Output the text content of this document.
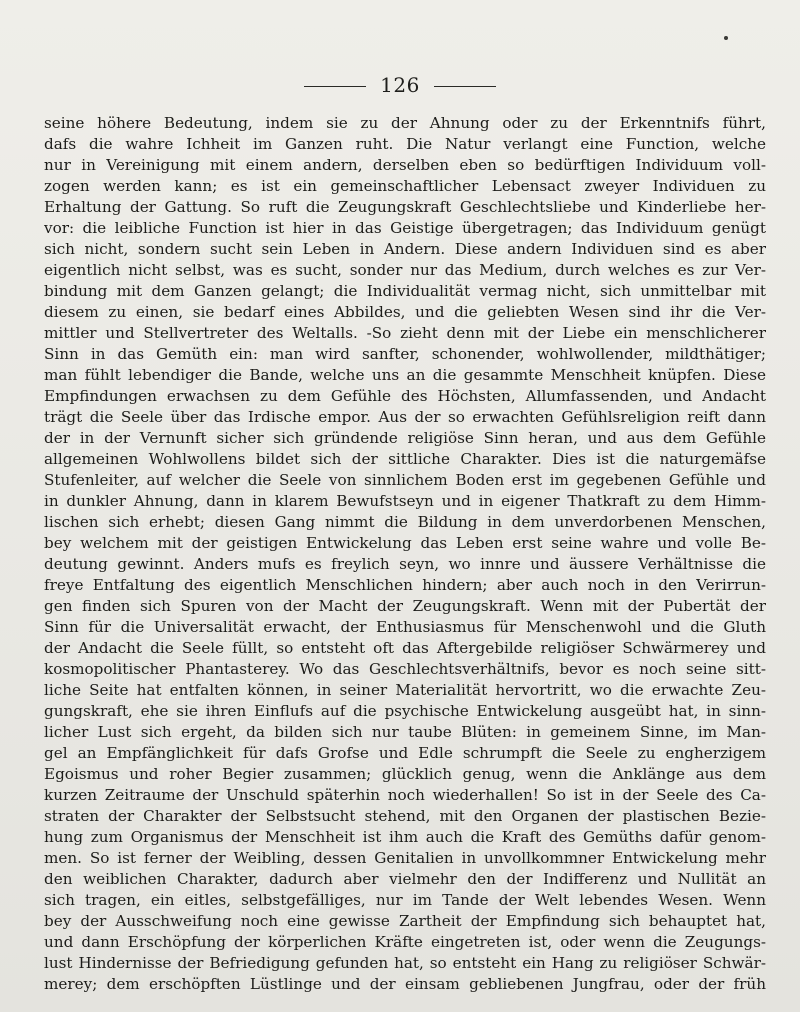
126
seine höhere Bedeutung, indem sie zu der Ahnung oder zu der Erkenntnifs führt,
dafs die wahre Ichheit im Ganzen ruht. Die Natur verlangt eine Function, welche
nur in Vereinigung mit einem andern, derselben eben so bedürftigen Individuum voll-
zogen werden kann; es ist ein gemeinschaftlicher Lebensact zweyer Individuen zu
Erhaltung der Gattung. So ruft die Zeugungskraft Geschlechtsliebe und Kinderliebe her-
vor: die leibliche Function ist hier in das Geistige übergetragen; das Individuum genügt
sich nicht, sondern sucht sein Leben in Andern. Diese andern Individuen sind es aber
eigentlich nicht selbst, was es sucht, sonder nur das Medium, durch welches es zur Ver-
bindung mit dem Ganzen gelangt; die Individualität vermag nicht, sich unmittelbar mit
diesem zu einen, sie bedarf eines Abbildes, und die geliebten Wesen sind ihr die Ver-
mittler und Stellvertreter des Weltalls. -So zieht denn mit der Liebe ein menschlicherer
Sinn in das Gemüth ein: man wird sanfter, schonender, wohlwollender, mildthätiger;
man fühlt lebendiger die Bande, welche uns an die gesammte Menschheit knüpfen. Diese
Empfindungen erwachsen zu dem Gefühle des Höchsten, Allumfassenden, und Andacht
trägt die Seele über das Irdische empor. Aus der so erwachten Gefühlsreligion reift dann
der in der Vernunft sicher sich gründende religiöse Sinn heran, und aus dem Gefühle
allgemeinen Wohlwollens bildet sich der sittliche Charakter. Dies ist die naturgemäfse
Stufenleiter, auf welcher die Seele von sinnlichem Boden erst im gegebenen Gefühle und
in dunkler Ahnung, dann in klarem Bewufstseyn und in eigener Thatkraft zu dem Himm-
lischen sich erhebt; diesen Gang nimmt die Bildung in dem unverdorbenen Menschen,
bey welchem mit der geistigen Entwickelung das Leben erst seine wahre und volle Be-
deutung gewinnt. Anders mufs es freylich seyn, wo innre und äussere Verhältnisse die
freye Entfaltung des eigentlich Menschlichen hindern; aber auch noch in den Verirrun-
gen finden sich Spuren von der Macht der Zeugungskraft. Wenn mit der Pubertät der
Sinn für die Universalität erwacht, der Enthusiasmus für Menschenwohl und die Gluth
der Andacht die Seele füllt, so entsteht oft das Aftergebilde religiöser Schwärmerey und
kosmopolitischer Phantasterey. Wo das Geschlechtsverhältnifs, bevor es noch seine sitt-
liche Seite hat entfalten können, in seiner Materialität hervortritt, wo die erwachte Zeu-
gungskraft, ehe sie ihren Einflufs auf die psychische Entwickelung ausgeübt hat, in sinn-
licher Lust sich ergeht, da bilden sich nur taube Blüten: in gemeinem Sinne, im Man-
gel an Empfänglichkeit für dafs Grofse und Edle schrumpft die Seele zu engherzigem
Egoismus und roher Begier zusammen; glücklich genug, wenn die Anklänge aus dem
kurzen Zeitraume der Unschuld späterhin noch wiederhallen! So ist in der Seele des Ca-
straten der Charakter der Selbstsucht stehend, mit den Organen der plastischen Bezie-
hung zum Organismus der Menschheit ist ihm auch die Kraft des Gemüths dafür genom-
men. So ist ferner der Weibling, dessen Genitalien in unvollkommner Entwickelung mehr
den weiblichen Charakter, dadurch aber vielmehr den der Indifferenz und Nullität an
sich tragen, ein eitles, selbstgefälliges, nur im Tande der Welt lebendes Wesen. Wenn
bey der Ausschweifung noch eine gewisse Zartheit der Empfindung sich behauptet hat,
und dann Erschöpfung der körperlichen Kräfte eingetreten ist, oder wenn die Zeugungs-
lust Hindernisse der Befriedigung gefunden hat, so entsteht ein Hang zu religiöser Schwär-
merey; dem erschöpften Lüstlinge und der einsam gebliebenen Jungfrau, oder der früh
